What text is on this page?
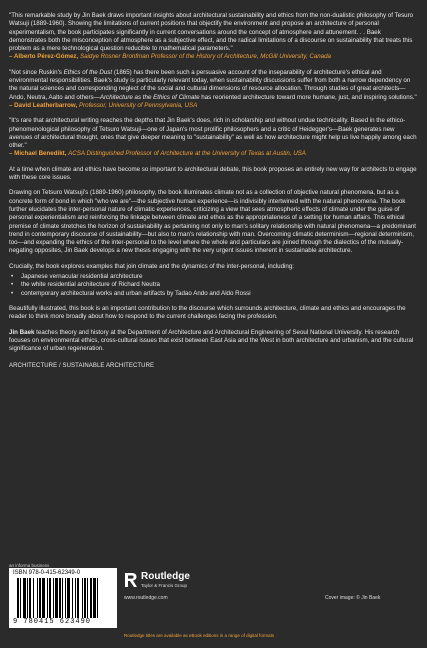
"This remarkable study by Jin Baek draws important insights about architectural sustainability and ethics from the non-dualistic philosophy of Tesuro Watsuji (1889-1960). Showing the limitations of current positions that objectify the environment and propose an architecture of personal experimentalism, the book participates significantly in current conversations around the concept of atmosphere and attunement. . . Baek demonstrates both the misconception of atmosphere as a subjective effect, and the radical limitations of a discourse on sustainability that treats this problem as a mere technological question reducible to mathematical parameters."

– Alberto Pérez-Gómez, Saidye Rosner Bronfman Professor of the History of Architecture, McGill University, Canada

"Not since Ruskin's Ethics of the Dust (1865) has there been such a persuasive account of the inseparability of architecture's ethical and environmental responsibilities. Baek's study is particularly relevant today, when sustainability discussions suffer from both a narrow dependency on the natural sciences and corresponding neglect of the social and cultural dimensions of resource allocation. Through studies of great architects—Ando, Neutra, Aalto and others—Architecture as the Ethics of Climate has reoriented architecture toward more humane, just, and inspiring solutions."

– David Leatherbarrow, Professor, University of Pennsylvania, USA

"It's rare that architectural writing reaches the depths that Jin Baek's does, rich in scholarship and without undue technicality. Based in the ethico-phenomenological philosophy of Tetsuro Watsuji—one of Japan's most prolific philosophers and a critic of Heidegger's—Baek generates new avenues of architectural thought, ones that give deeper meaning to "sustainability" as well as how architecture might help us live happily among each other."

– Michael Benedikt, ACSA Distinguished Professor of Architecture at the University of Texas at Austin, USA

At a time when climate and ethics have become so important to architectural debate, this book proposes an entirely new way for architects to engage with these core issues.

Drawing on Tetsuro Watsuji's (1889-1960) philosophy, the book illuminates climate not as a collection of objective natural phenomena, but as a concrete form of bond in which "who we are"—the subjective human experience—is indivisibly intertwined with the natural phenomena. The book further elucidates the inter-personal nature of climatic experiences, criticizing a view that sees atmospheric effects of climate under the guise of personal experientialism and reinforcing the linkage between climate and ethos as the appropriateness of a setting for human affairs. This ethical premise of climate stretches the horizon of sustainability as pertaining not only to man's solitary relationship with natural phenomena—a predominant trend in contemporary discourse of sustainability—but also to man's relationship with man. Overcoming climatic determinism—regional determinism, too—and expanding the ethics of the inter-personal to the level where the whole and particulars are joined through the dialectics of the mutually-negating opposites, Jin Baek develops a new thesis engaging with the very urgent issues inherent in sustainable architecture.

Crucially, the book explores examples that join climate and the dynamics of the inter-personal, including:

• Japanese vernacular residential architecture
• the white residential architecture of Richard Neutra
• contemporary architectural works and urban artifacts by Tadao Ando and Aldo Rossi

Beautifully illustrated, this book is an important contribution to the discourse which surrounds architecture, climate and ethics and encourages the reader to think more broadly about how to respond to the current challenges facing the profession.

Jin Baek teaches theory and history at the Department of Architecture and Architectural Engineering of Seoul National University. His research focuses on environmental ethics, cross-cultural issues that exist between East Asia and the West in both architecture and urbanism, and the cultural significance of urban regeneration.

ARCHITECTURE / SUSTAINABLE ARCHITECTURE

an informa business
ISBN 978-0-415-62349-0
9 780415 623490
Routledge
Taylor & Francis Group
www.routledge.com	Cover image: © Jin Baek
Routledge titles are available as eBook editions in a range of digital formats
